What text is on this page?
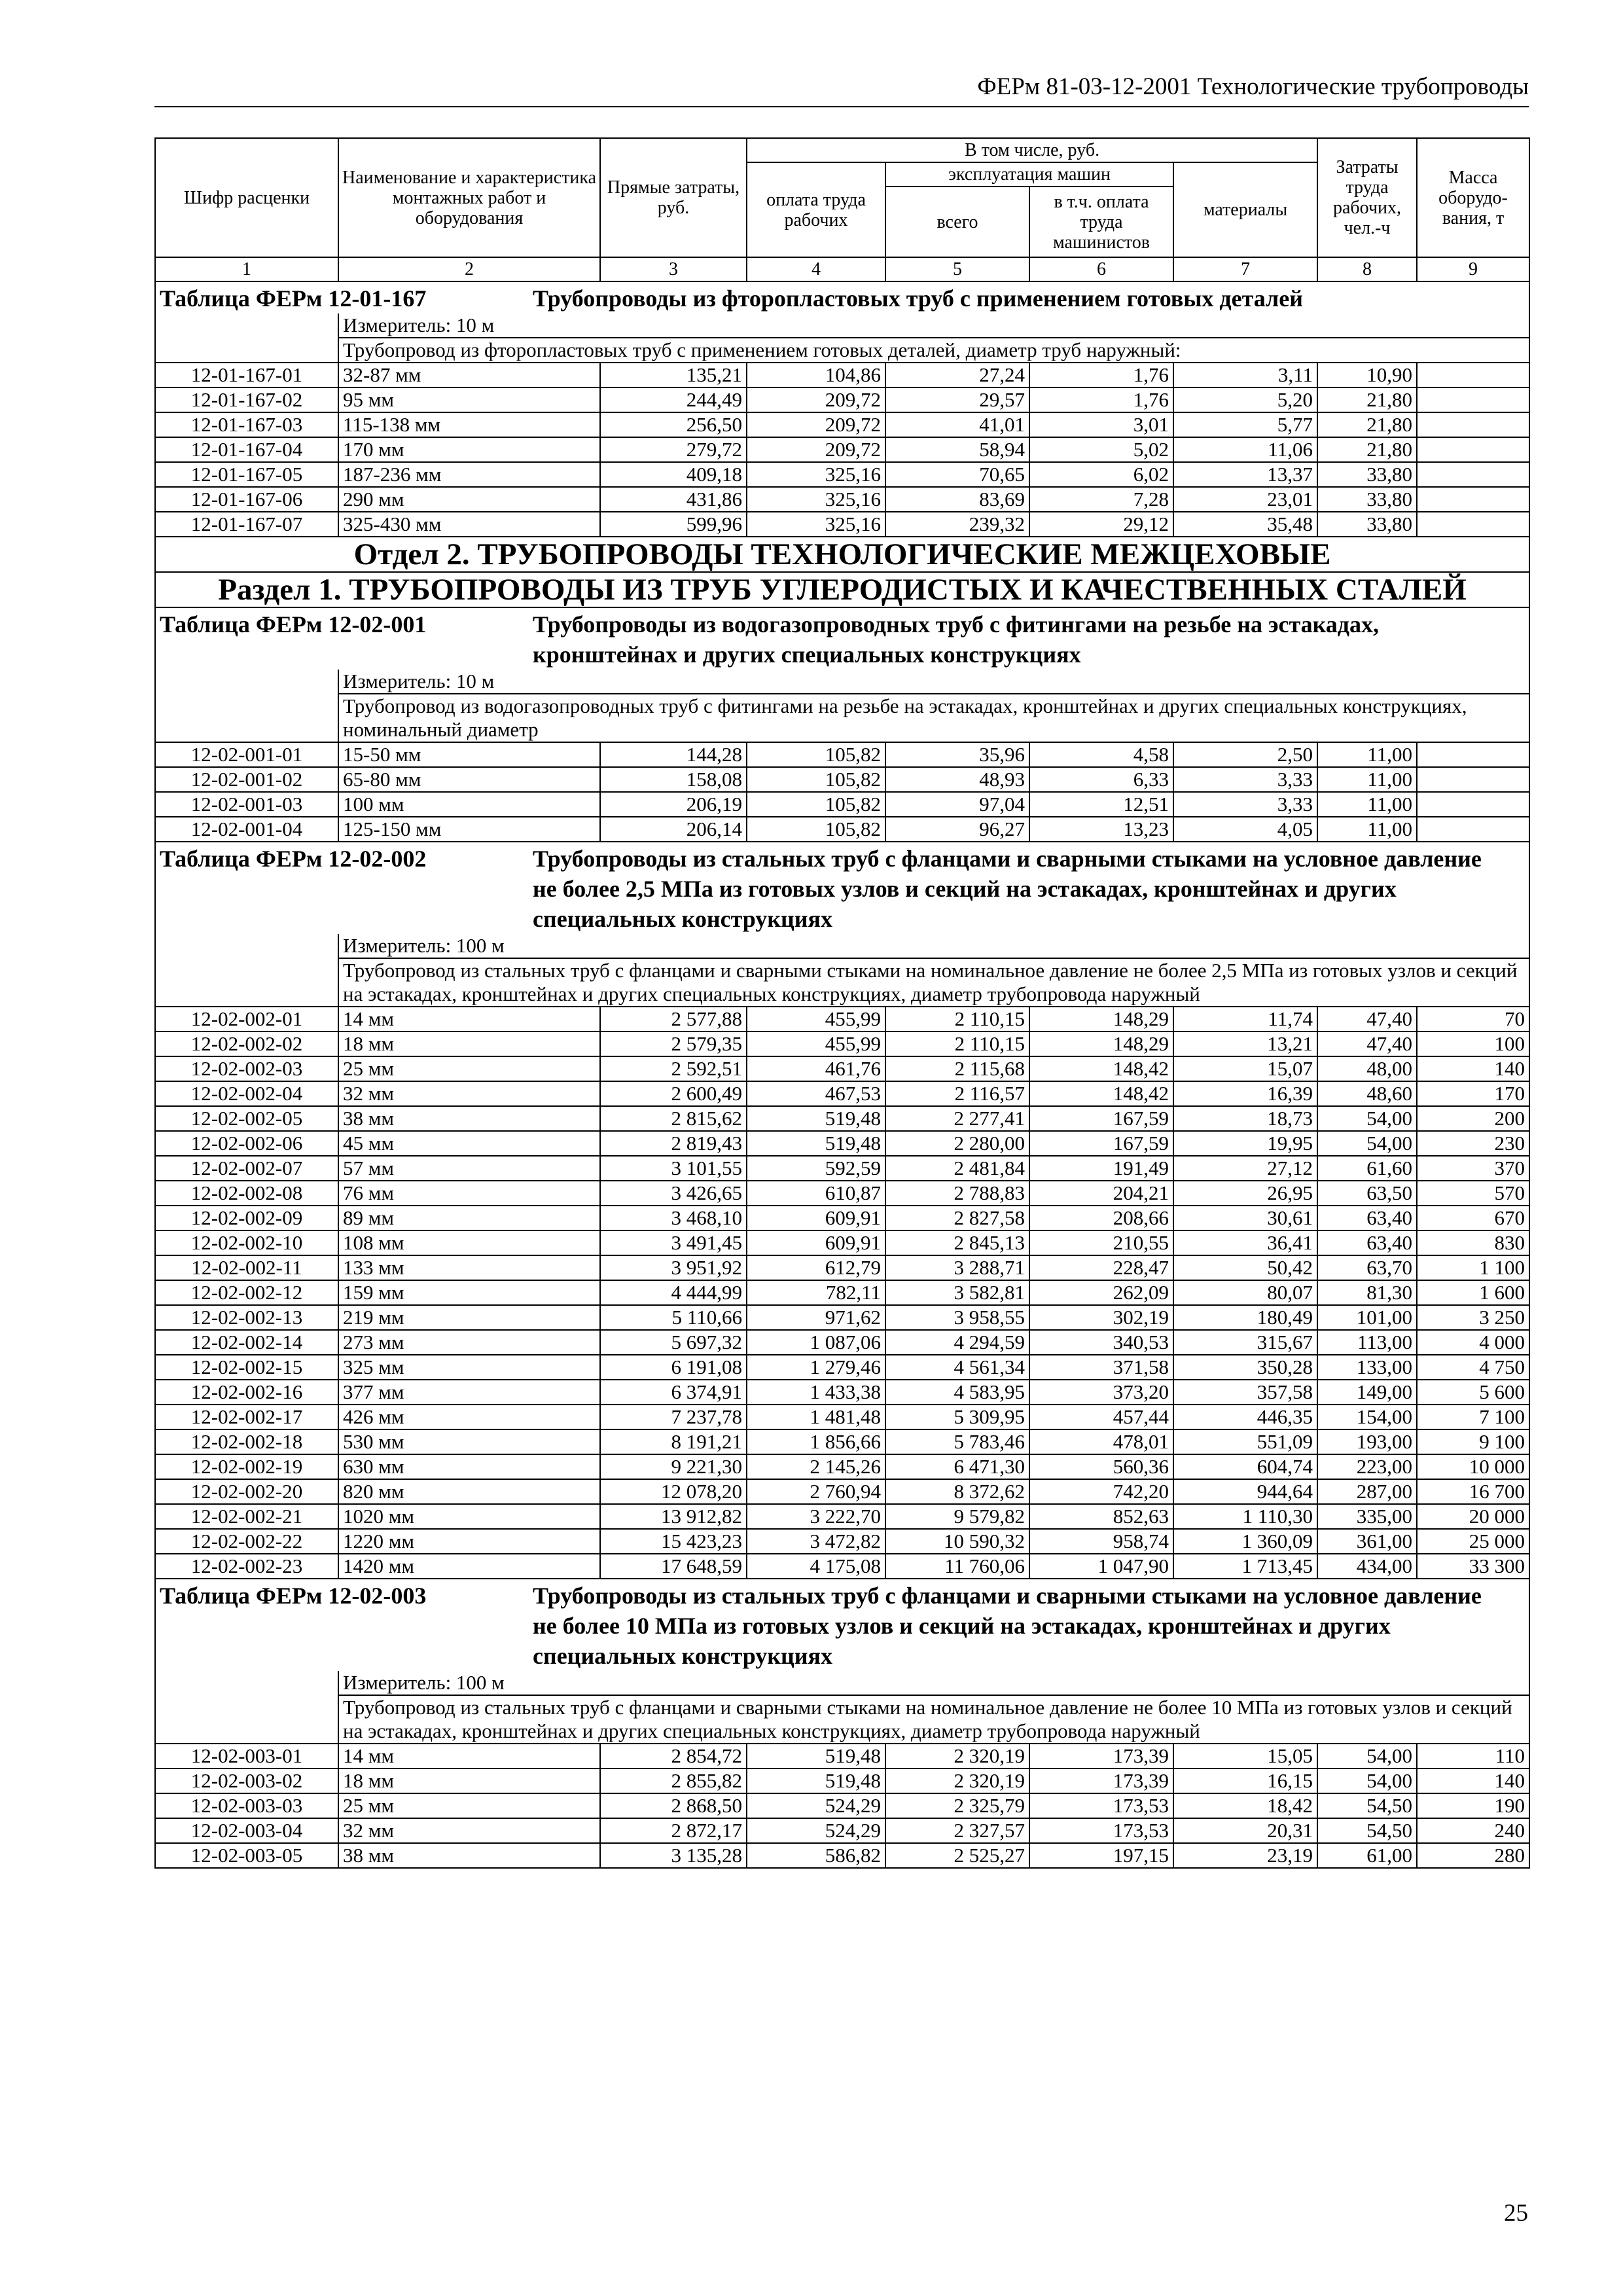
ФЕРм 81-03-12-2001 Технологические трубопроводы
Шифр расценки	Наименование и характеристика монтажных работ и оборудования	Прямые затраты, руб.	В том числе, руб.				Затраты труда рабочих, чел.-ч	Масса оборудо-вания, т
			оплата труда рабочих	эксплуатация машин		материалы		
				всего	в т.ч. оплата труда машинистов			
1	2	3	4	5	6	7	8	9
Таблица ФЕРм 12-01-167 Трубопроводы из фторопластовых труб с применением готовых деталей								
	Измеритель: 10 м							
	Трубопровод из фторопластовых труб с применением готовых деталей, диаметр труб наружный:							
12-01-167-01	32-87 мм	135,21	104,86	27,24	1,76	3,11	10,90	
12-01-167-02	95 мм	244,49	209,72	29,57	1,76	5,20	21,80	
12-01-167-03	115-138 мм	256,50	209,72	41,01	3,01	5,77	21,80	
12-01-167-04	170 мм	279,72	209,72	58,94	5,02	11,06	21,80	
12-01-167-05	187-236 мм	409,18	325,16	70,65	6,02	13,37	33,80	
12-01-167-06	290 мм	431,86	325,16	83,69	7,28	23,01	33,80	
12-01-167-07	325-430 мм	599,96	325,16	239,32	29,12	35,48	33,80	
Отдел 2. ТРУБОПРОВОДЫ ТЕХНОЛОГИЧЕСКИЕ МЕЖЦЕХОВЫЕ								
Раздел 1. ТРУБОПРОВОДЫ ИЗ ТРУБ УГЛЕРОДИСТЫХ И КАЧЕСТВЕННЫХ СТАЛЕЙ								
Таблица ФЕРм 12-02-001 Трубопроводы из водогазопроводных труб с фитингами на резьбе на эстакадах, кронштейнах и других специальных конструкциях								
	Измеритель: 10 м							
	Трубопровод из водогазопроводных труб с фитингами на резьбе на эстакадах, кронштейнах и других специальных конструкциях, номинальный диаметр							
12-02-001-01	15-50 мм	144,28	105,82	35,96	4,58	2,50	11,00	
12-02-001-02	65-80 мм	158,08	105,82	48,93	6,33	3,33	11,00	
12-02-001-03	100 мм	206,19	105,82	97,04	12,51	3,33	11,00	
12-02-001-04	125-150 мм	206,14	105,82	96,27	13,23	4,05	11,00	
Таблица ФЕРм 12-02-002 Трубопроводы из стальных труб с фланцами и сварными стыками на условное давление не более 2,5 МПа из готовых узлов и секций на эстакадах, кронштейнах и других специальных конструкциях								
	Измеритель: 100 м							
	Трубопровод из стальных труб с фланцами и сварными стыками на номинальное давление не более 2,5 МПа из готовых узлов и секций на эстакадах, кронштейнах и других специальных конструкциях, диаметр трубопровода наружный							
12-02-002-01	14 мм	2 577,88	455,99	2 110,15	148,29	11,74	47,40	70
12-02-002-02	18 мм	2 579,35	455,99	2 110,15	148,29	13,21	47,40	100
12-02-002-03	25 мм	2 592,51	461,76	2 115,68	148,42	15,07	48,00	140
12-02-002-04	32 мм	2 600,49	467,53	2 116,57	148,42	16,39	48,60	170
12-02-002-05	38 мм	2 815,62	519,48	2 277,41	167,59	18,73	54,00	200
12-02-002-06	45 мм	2 819,43	519,48	2 280,00	167,59	19,95	54,00	230
12-02-002-07	57 мм	3 101,55	592,59	2 481,84	191,49	27,12	61,60	370
12-02-002-08	76 мм	3 426,65	610,87	2 788,83	204,21	26,95	63,50	570
12-02-002-09	89 мм	3 468,10	609,91	2 827,58	208,66	30,61	63,40	670
12-02-002-10	108 мм	3 491,45	609,91	2 845,13	210,55	36,41	63,40	830
12-02-002-11	133 мм	3 951,92	612,79	3 288,71	228,47	50,42	63,70	1 100
12-02-002-12	159 мм	4 444,99	782,11	3 582,81	262,09	80,07	81,30	1 600
12-02-002-13	219 мм	5 110,66	971,62	3 958,55	302,19	180,49	101,00	3 250
12-02-002-14	273 мм	5 697,32	1 087,06	4 294,59	340,53	315,67	113,00	4 000
12-02-002-15	325 мм	6 191,08	1 279,46	4 561,34	371,58	350,28	133,00	4 750
12-02-002-16	377 мм	6 374,91	1 433,38	4 583,95	373,20	357,58	149,00	5 600
12-02-002-17	426 мм	7 237,78	1 481,48	5 309,95	457,44	446,35	154,00	7 100
12-02-002-18	530 мм	8 191,21	1 856,66	5 783,46	478,01	551,09	193,00	9 100
12-02-002-19	630 мм	9 221,30	2 145,26	6 471,30	560,36	604,74	223,00	10 000
12-02-002-20	820 мм	12 078,20	2 760,94	8 372,62	742,20	944,64	287,00	16 700
12-02-002-21	1020 мм	13 912,82	3 222,70	9 579,82	852,63	1 110,30	335,00	20 000
12-02-002-22	1220 мм	15 423,23	3 472,82	10 590,32	958,74	1 360,09	361,00	25 000
12-02-002-23	1420 мм	17 648,59	4 175,08	11 760,06	1 047,90	1 713,45	434,00	33 300
Таблица ФЕРм 12-02-003 Трубопроводы из стальных труб с фланцами и сварными стыками на условное давление не более 10 МПа из готовых узлов и секций на эстакадах, кронштейнах и других специальных конструкциях								
	Измеритель: 100 м							
	Трубопровод из стальных труб с фланцами и сварными стыками на номинальное давление не более 10 МПа из готовых узлов и секций на эстакадах, кронштейнах и других специальных конструкциях, диаметр трубопровода наружный							
12-02-003-01	14 мм	2 854,72	519,48	2 320,19	173,39	15,05	54,00	110
12-02-003-02	18 мм	2 855,82	519,48	2 320,19	173,39	16,15	54,00	140
12-02-003-03	25 мм	2 868,50	524,29	2 325,79	173,53	18,42	54,50	190
12-02-003-04	32 мм	2 872,17	524,29	2 327,57	173,53	20,31	54,50	240
12-02-003-05	38 мм	3 135,28	586,82	2 525,27	197,15	23,19	61,00	280
25
